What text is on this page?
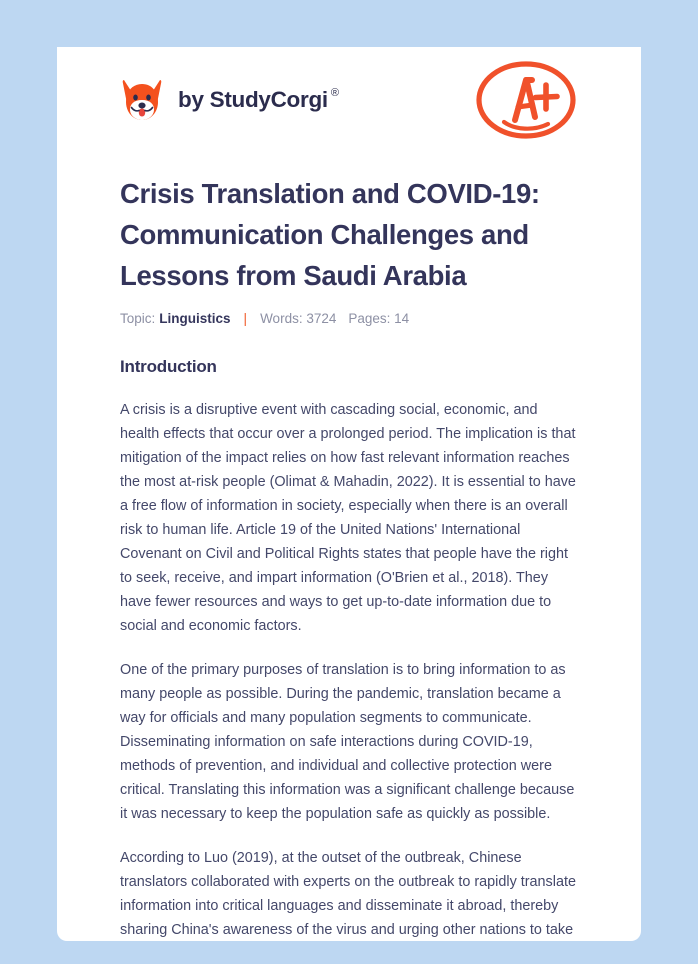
by StudyCorgi ®
Crisis Translation and COVID-19: Communication Challenges and Lessons from Saudi Arabia
Topic: Linguistics | Words: 3724 Pages: 14
Introduction

A crisis is a disruptive event with cascading social, economic, and health effects that occur over a prolonged period. The implication is that mitigation of the impact relies on how fast relevant information reaches the most at-risk people (Olimat & Mahadin, 2022). It is essential to have a free flow of information in society, especially when there is an overall risk to human life. Article 19 of the United Nations' International Covenant on Civil and Political Rights states that people have the right to seek, receive, and impart information (O'Brien et al., 2018). They have fewer resources and ways to get up-to-date information due to social and economic factors.

One of the primary purposes of translation is to bring information to as many people as possible. During the pandemic, translation became a way for officials and many population segments to communicate. Disseminating information on safe interactions during COVID-19, methods of prevention, and individual and collective protection were critical. Translating this information was a significant challenge because it was necessary to keep the population safe as quickly as possible.

According to Luo (2019), at the outset of the outbreak, Chinese translators collaborated with experts on the outbreak to rapidly translate information into critical languages and disseminate it abroad, thereby sharing China's awareness of the virus and urging other nations to take
